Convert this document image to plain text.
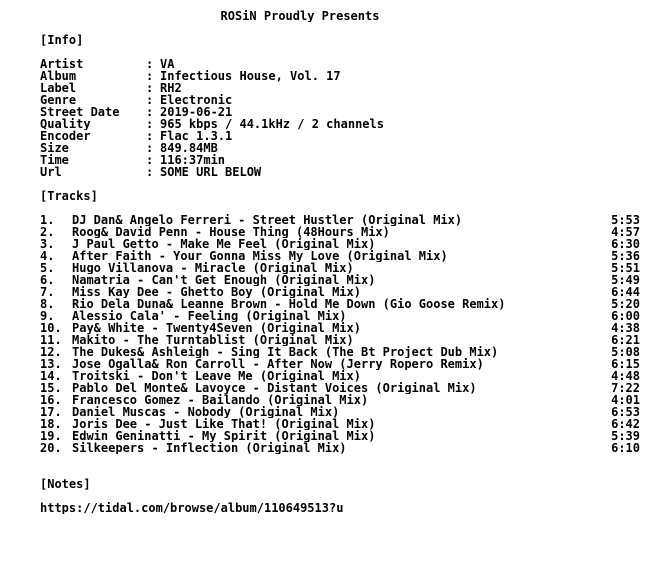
ROSiN Proudly Presents
[Info]
Artist	: VA
Album	: Infectious House, Vol. 17
Label	: RH2
Genre	: Electronic
Street Date : 2019-06-21
Quality	: 965 kbps / 44.1kHz / 2 channels
Encoder	: Flac 1.3.1
Size	: 849.84MB
Time	: 116:37min
Url	: SOME URL BELOW
[Tracks]
1. DJ Dan& Angelo Ferreri - Street Hustler (Original Mix)	5:53
2. Roog& David Penn - House Thing (48Hours Mix)	4:57
3. J Paul Getto - Make Me Feel (Original Mix)	6:30
4. After Faith - Your Gonna Miss My Love (Original Mix)	5:36
5. Hugo Villanova - Miracle (Original Mix)	5:51
6. Namatria - Can't Get Enough (Original Mix)	5:49
7. Miss Kay Dee - Ghetto Boy (Original Mix)	6:44
8. Rio Dela Duna& Leanne Brown - Hold Me Down (Gio Goose Remix)	5:20
9. Alessio Cala' - Feeling (Original Mix)	6:00
10. Pay& White - Twenty4Seven (Original Mix)	4:38
11. Makito - The Turntablist (Original Mix)	6:21
12. The Dukes& Ashleigh - Sing It Back (The Bt Project Dub Mix)	5:08
13. Jose Ogalla& Ron Carroll - After Now (Jerry Ropero Remix)	6:15
14. Troitski - Don't Leave Me (Original Mix)	4:48
15. Pablo Del Monte& Lavoyce - Distant Voices (Original Mix)	7:22
16. Francesco Gomez - Bailando (Original Mix)	4:01
17. Daniel Muscas - Nobody (Original Mix)	6:53
18. Joris Dee - Just Like That! (Original Mix)	6:42
19. Edwin Geninatti - My Spirit (Original Mix)	5:39
20. Silkeepers - Inflection (Original Mix)	6:10
[Notes]
https://tidal.com/browse/album/110649513?u
